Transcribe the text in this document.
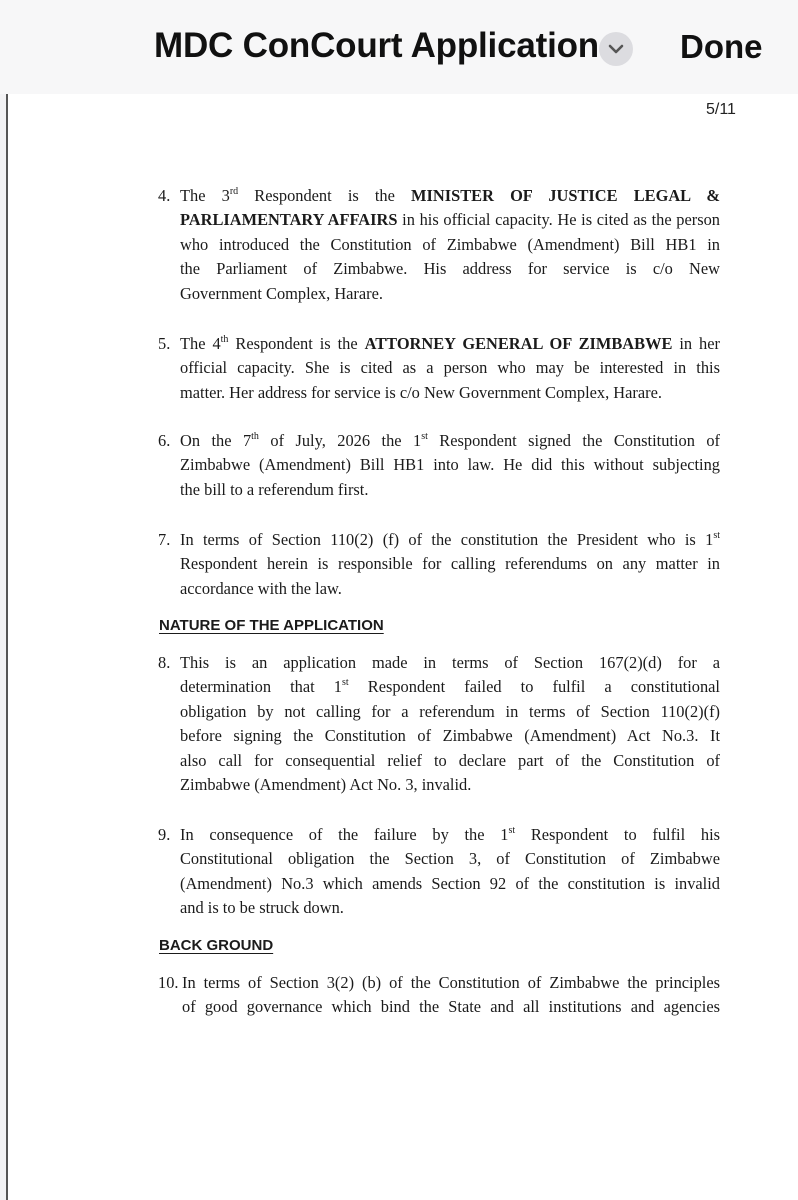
MDC ConCourt Application Done
5/11
4. The 3rd Respondent is the MINISTER OF JUSTICE LEGAL &
PARLIAMENTARY AFFAIRS in his official capacity. He is cited as the person
who introduced the Constitution of Zimbabwe (Amendment) Bill HB1 in
the Parliament of Zimbabwe. His address for service is c/o New
Government Complex, Harare.
5. The 4th Respondent is the ATTORNEY GENERAL OF ZIMBABWE in her
official capacity. She is cited as a person who may be interested in this
matter. Her address for service is c/o New Government Complex, Harare.
6. On the 7th of July, 2026 the 1st Respondent signed the Constitution of
Zimbabwe (Amendment) Bill HB1 into law. He did this without subjecting
the bill to a referendum first.
7. In terms of Section 110(2) (f) of the constitution the President who is 1st
Respondent herein is responsible for calling referendums on any matter in
accordance with the law.
NATURE OF THE APPLICATION
8. This is an application made in terms of Section 167(2)(d) for a
determination that 1st Respondent failed to fulfil a constitutional
obligation by not calling for a referendum in terms of Section 110(2)(f)
before signing the Constitution of Zimbabwe (Amendment) Act No.3. It
also call for consequential relief to declare part of the Constitution of
Zimbabwe (Amendment) Act No. 3, invalid.
9. In consequence of the failure by the 1st Respondent to fulfil his
Constitutional obligation the Section 3, of Constitution of Zimbabwe
(Amendment) No.3 which amends Section 92 of the constitution is invalid
and is to be struck down.
BACK GROUND
10. In terms of Section 3(2) (b) of the Constitution of Zimbabwe the principles
of good governance which bind the State and all institutions and agencies
